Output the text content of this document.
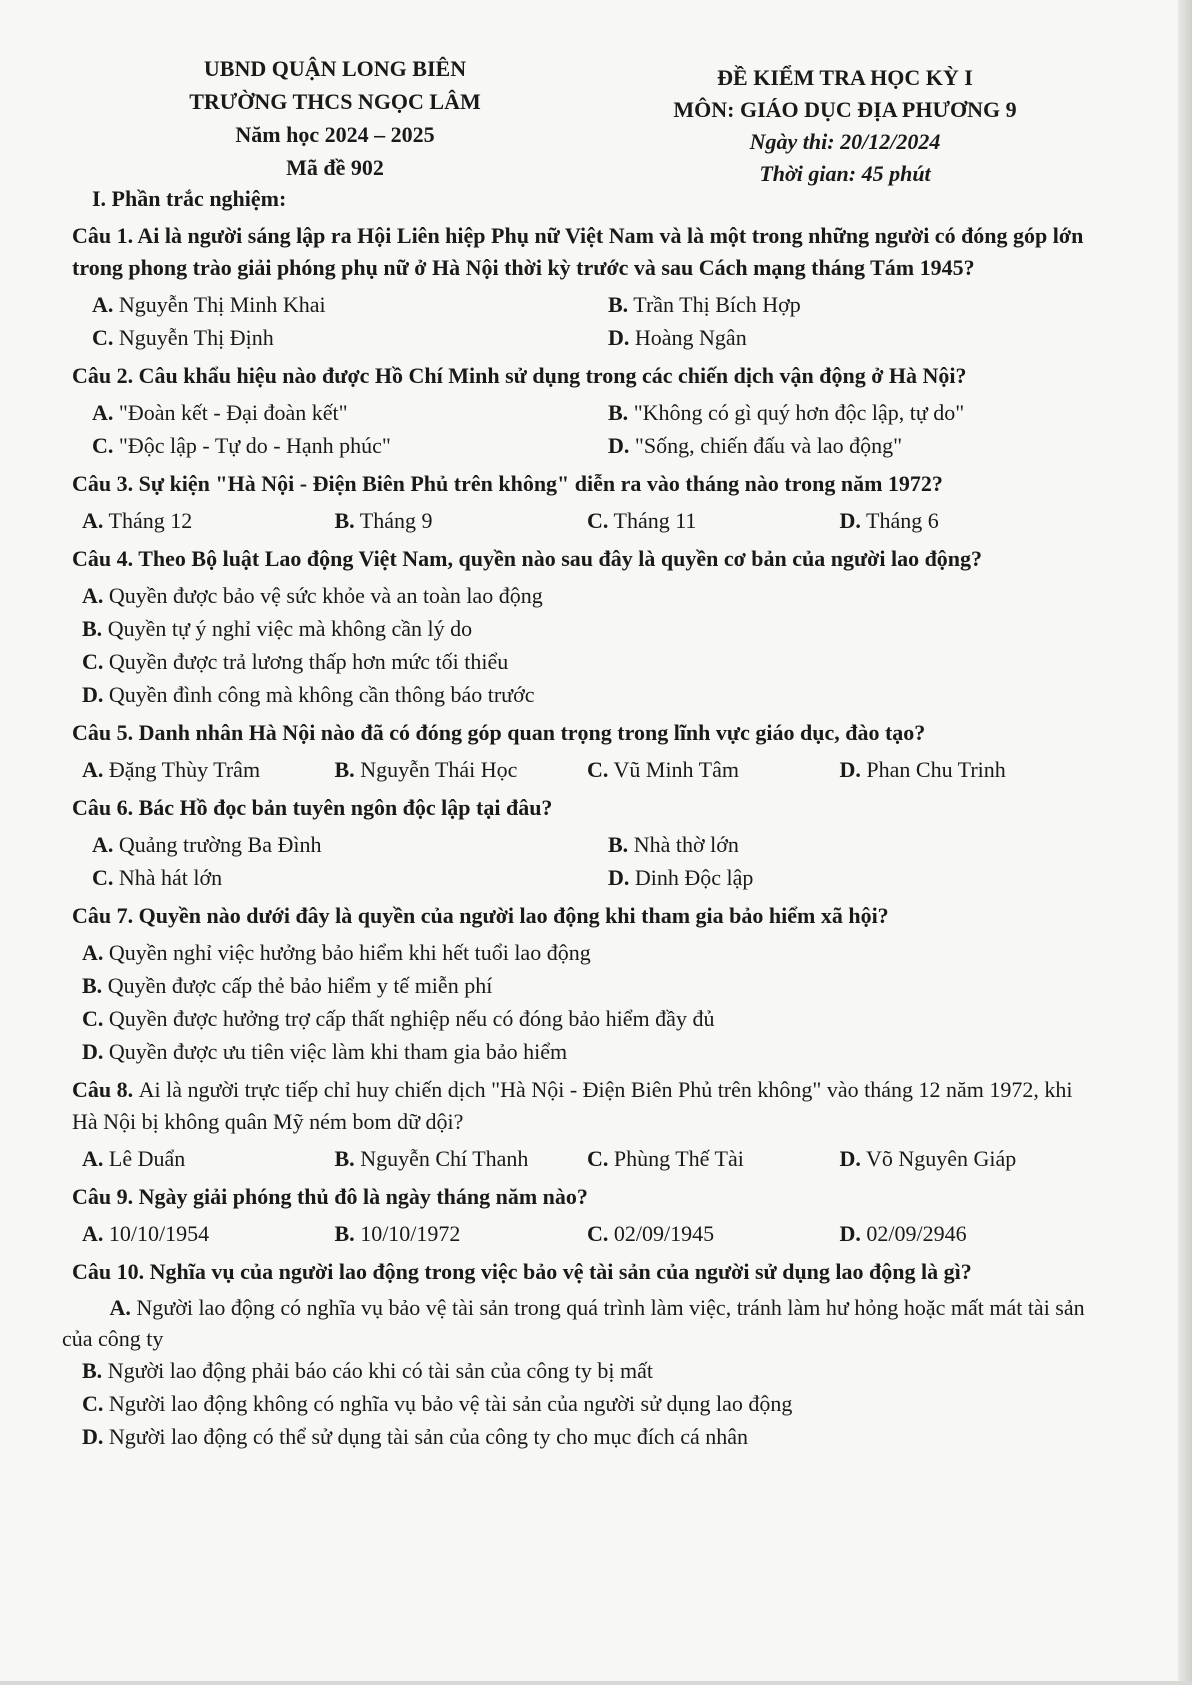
UBND QUẬN LONG BIÊN
TRƯỜNG THCS NGỌC LÂM
Năm học 2024 – 2025
Mã đề 902
ĐỀ KIỂM TRA HỌC KỲ I
MÔN: GIÁO DỤC ĐỊA PHƯƠNG 9
Ngày thi: 20/12/2024
Thời gian: 45 phút
I. Phần trắc nghiệm:
Câu 1. Ai là người sáng lập ra Hội Liên hiệp Phụ nữ Việt Nam và là một trong những người có đóng góp lớn trong phong trào giải phóng phụ nữ ở Hà Nội thời kỳ trước và sau Cách mạng tháng Tám 1945?
A. Nguyễn Thị Minh Khai	B. Trần Thị Bích Hợp
C. Nguyễn Thị Định	D. Hoàng Ngân
Câu 2. Câu khẩu hiệu nào được Hồ Chí Minh sử dụng trong các chiến dịch vận động ở Hà Nội?
A. "Đoàn kết - Đại đoàn kết"	B. "Không có gì quý hơn độc lập, tự do"
C. "Độc lập - Tự do - Hạnh phúc"	D. "Sống, chiến đấu và lao động"
Câu 3. Sự kiện "Hà Nội - Điện Biên Phủ trên không" diễn ra vào tháng nào trong năm 1972?
A. Tháng 12	B. Tháng 9	C. Tháng 11	D. Tháng 6
Câu 4. Theo Bộ luật Lao động Việt Nam, quyền nào sau đây là quyền cơ bản của người lao động?
A. Quyền được bảo vệ sức khỏe và an toàn lao động
B. Quyền tự ý nghỉ việc mà không cần lý do
C. Quyền được trả lương thấp hơn mức tối thiểu
D. Quyền đình công mà không cần thông báo trước
Câu 5. Danh nhân Hà Nội nào đã có đóng góp quan trọng trong lĩnh vực giáo dục, đào tạo?
A. Đặng Thùy Trâm	B. Nguyễn Thái Học	C. Vũ Minh Tâm	D. Phan Chu Trinh
Câu 6. Bác Hồ đọc bản tuyên ngôn độc lập tại đâu?
A. Quảng trường Ba Đình	B. Nhà thờ lớn
C. Nhà hát lớn	D. Dinh Độc lập
Câu 7. Quyền nào dưới đây là quyền của người lao động khi tham gia bảo hiểm xã hội?
A. Quyền nghỉ việc hưởng bảo hiểm khi hết tuổi lao động
B. Quyền được cấp thẻ bảo hiểm y tế miễn phí
C. Quyền được hưởng trợ cấp thất nghiệp nếu có đóng bảo hiểm đầy đủ
D. Quyền được ưu tiên việc làm khi tham gia bảo hiểm
Câu 8. Ai là người trực tiếp chỉ huy chiến dịch "Hà Nội - Điện Biên Phủ trên không" vào tháng 12 năm 1972, khi Hà Nội bị không quân Mỹ ném bom dữ dội?
A. Lê Duẩn	B. Nguyễn Chí Thanh	C. Phùng Thế Tài	D. Võ Nguyên Giáp
Câu 9. Ngày giải phóng thủ đô là ngày tháng năm nào?
A. 10/10/1954	B. 10/10/1972	C. 02/09/1945	D. 02/09/2946
Câu 10. Nghĩa vụ của người lao động trong việc bảo vệ tài sản của người sử dụng lao động là gì?
A. Người lao động có nghĩa vụ bảo vệ tài sản trong quá trình làm việc, tránh làm hư hỏng hoặc mất mát tài sản của công ty
B. Người lao động phải báo cáo khi có tài sản của công ty bị mất
C. Người lao động không có nghĩa vụ bảo vệ tài sản của người sử dụng lao động
D. Người lao động có thể sử dụng tài sản của công ty cho mục đích cá nhân
